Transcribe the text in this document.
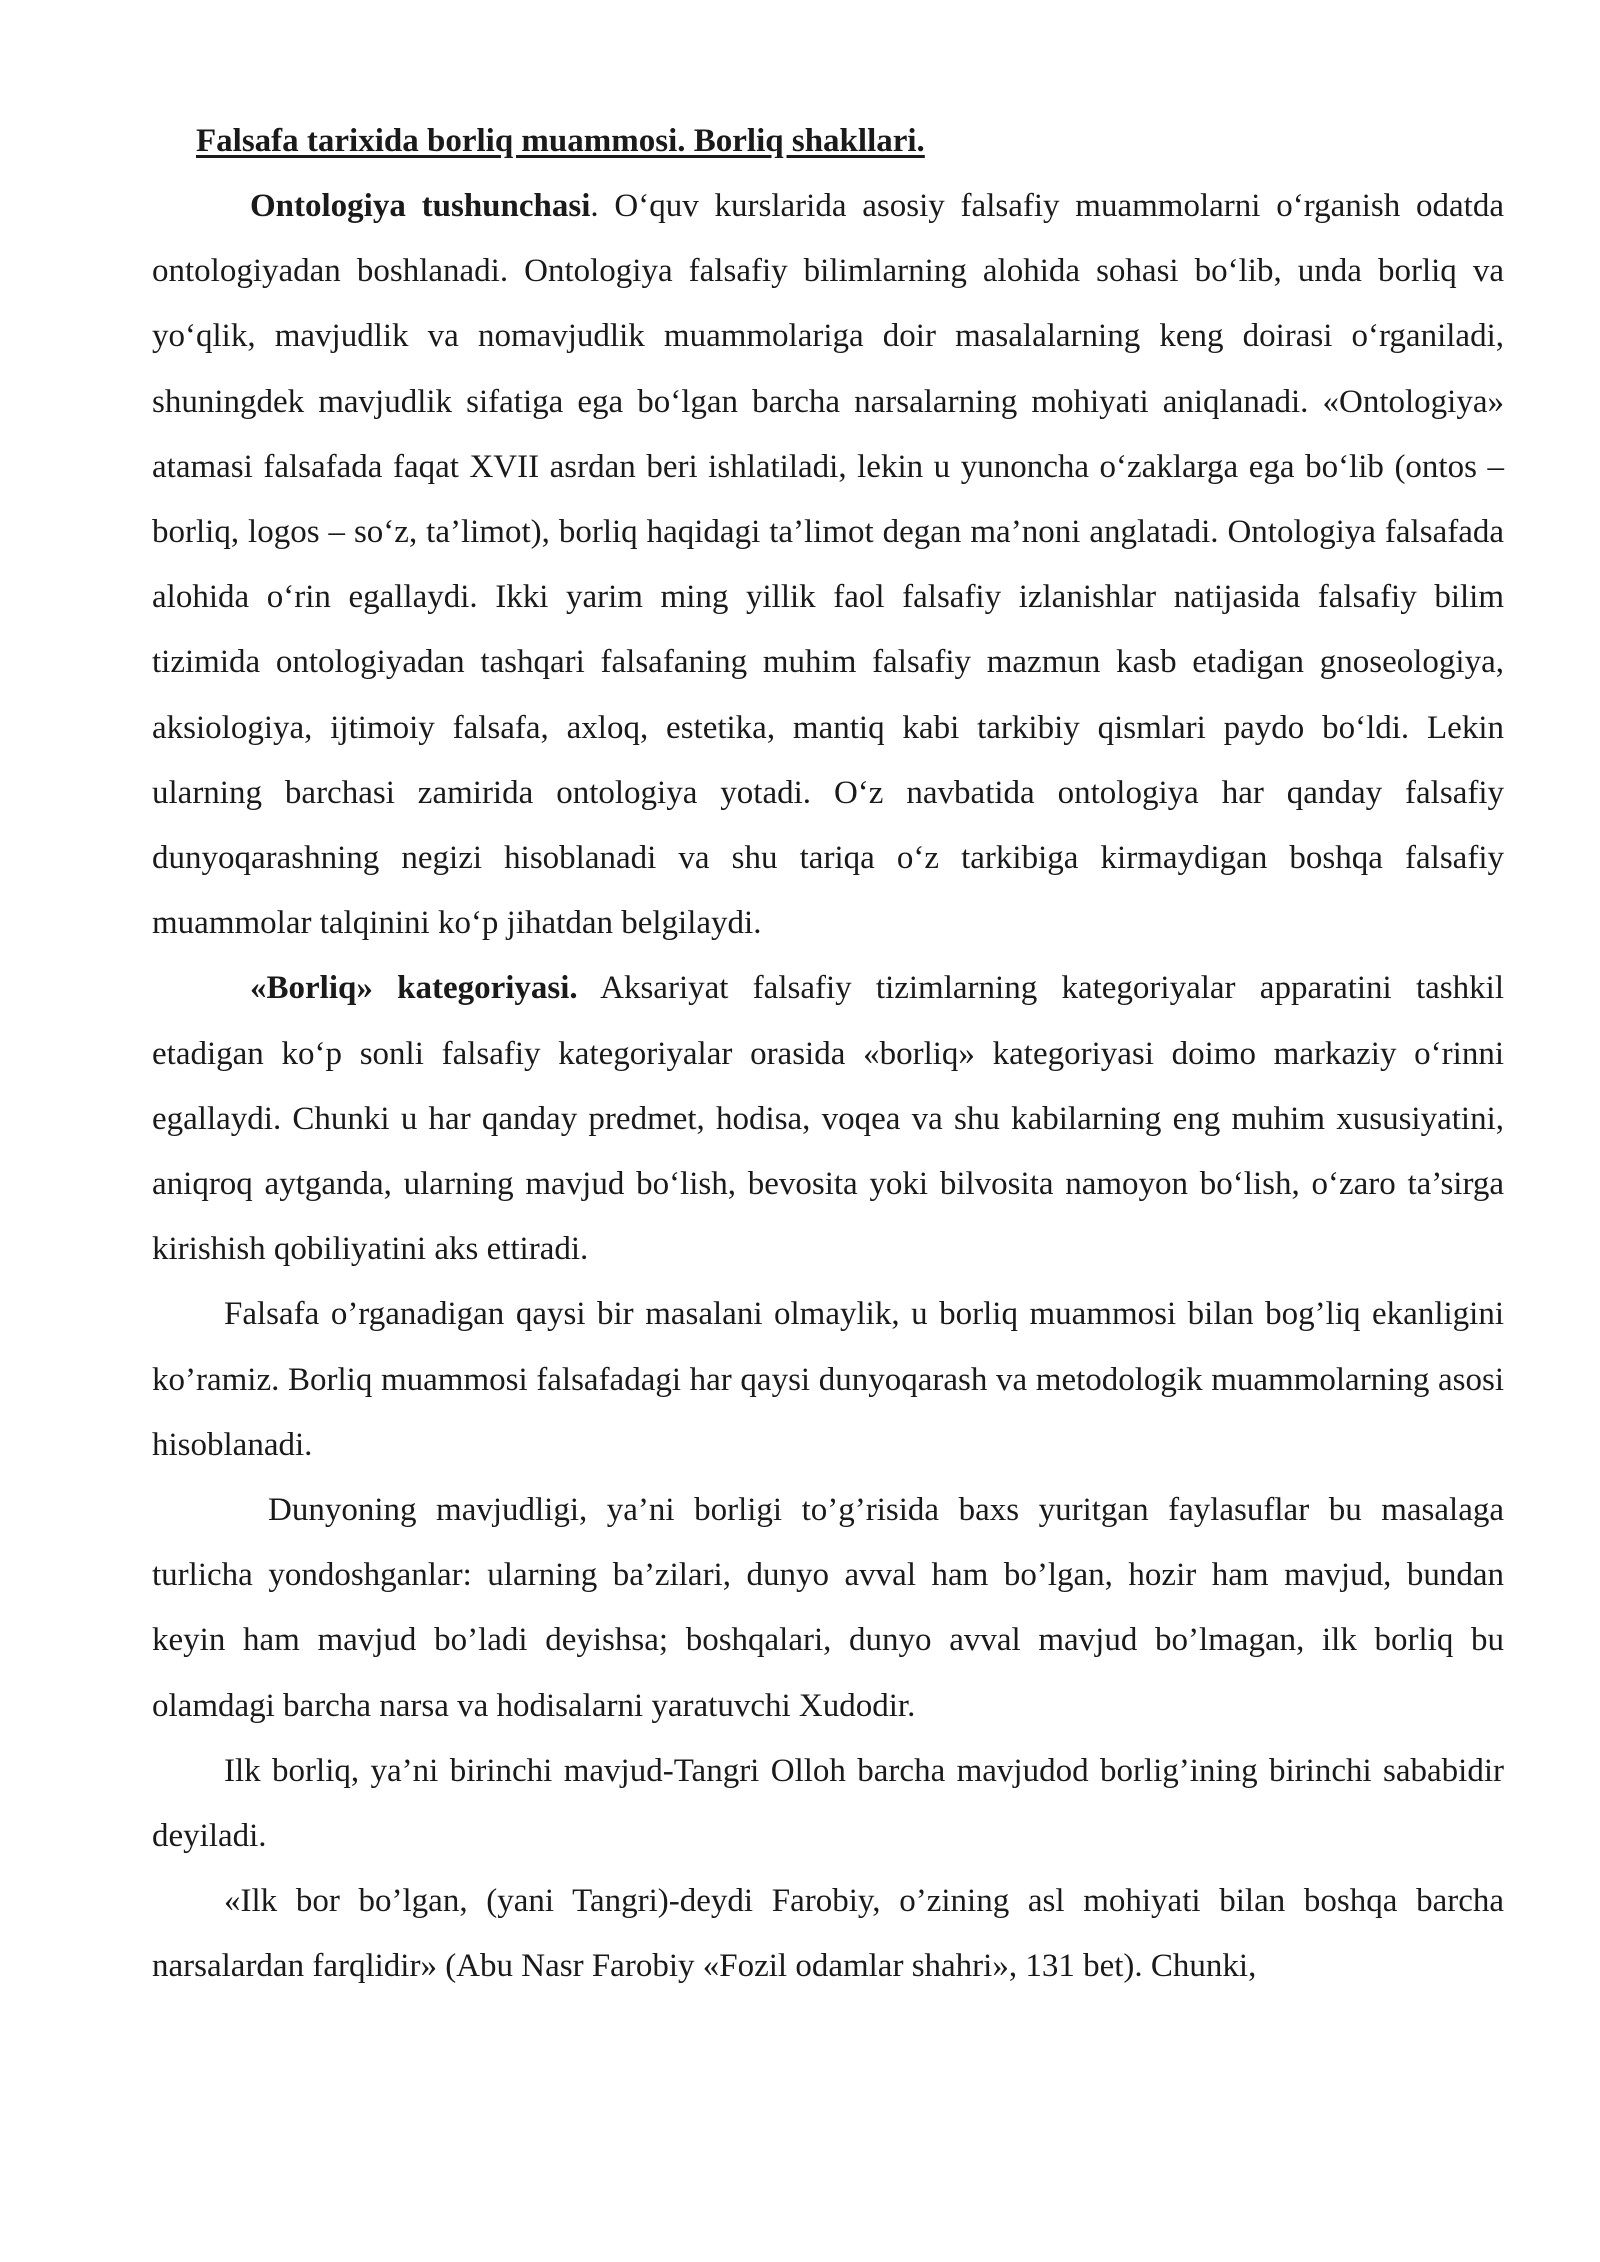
Falsafa tarixida borliq muammosi. Borliq shakllari.

Ontologiya tushunchasi. O‘quv kurslarida asosiy falsafiy muammolarni o‘rganish odatda ontologiyadan boshlanadi. Ontologiya falsafiy bilimlarning alohida sohasi bo‘lib, unda borliq va yo‘qlik, mavjudlik va nomavjudlik muammolariga doir masalalarning keng doirasi o‘rganiladi, shuningdek mavjudlik sifatiga ega bo‘lgan barcha narsalarning mohiyati aniqlanadi. «Ontologiya» atamasi falsafada faqat XVII asrdan beri ishlatiladi, lekin u yunoncha o‘zaklarga ega bo‘lib (ontos – borliq, logos – so‘z, ta’limot), borliq haqidagi ta’limot degan ma’noni anglatadi. Ontologiya falsafada alohida o‘rin egallaydi. Ikki yarim ming yillik faol falsafiy izlanishlar natijasida falsafiy bilim tizimida ontologiyadan tashqari falsafaning muhim falsafiy mazmun kasb etadigan gnoseologiya, aksiologiya, ijtimoiy falsafa, axloq, estetika, mantiq kabi tarkibiy qismlari paydo bo‘ldi. Lekin ularning barchasi zamirida ontologiya yotadi. O‘z navbatida ontologiya har qanday falsafiy dunyoqarashning negizi hisoblanadi va shu tariqa o‘z tarkibiga kirmaydigan boshqa falsafiy muammolar talqinini ko‘p jihatdan belgilaydi.

«Borliq» kategoriyasi. Aksariyat falsafiy tizimlarning kategoriyalar apparatini tashkil etadigan ko‘p sonli falsafiy kategoriyalar orasida «borliq» kategoriyasi doimo markaziy o‘rinni egallaydi. Chunki u har qanday predmet, hodisa, voqea va shu kabilarning eng muhim xususiyatini, aniqroq aytganda, ularning mavjud bo‘lish, bevosita yoki bilvosita namoyon bo‘lish, o‘zaro ta’sirga kirishish qobiliyatini aks ettiradi.

Falsafa o’rganadigan qaysi bir masalani olmaylik, u borliq muammosi bilan bog’liq ekanligini ko’ramiz. Borliq muammosi falsafadagi har qaysi dunyoqarash va metodologik muammolarning asosi hisoblanadi.

Dunyoning mavjudligi, ya’ni borligi to’g’risida baxs yuritgan faylasuflar bu masalaga turlicha yondoshganlar: ularning ba’zilari, dunyo avval ham bo’lgan, hozir ham mavjud, bundan keyin ham mavjud bo’ladi deyishsa; boshqalari, dunyo avval mavjud bo’lmagan, ilk borliq bu olamdagi barcha narsa va hodisalarni yaratuvchi Xudodir.

Ilk borliq, ya’ni birinchi mavjud-Tangri Olloh barcha mavjudod borlig’ining birinchi sababidir deyiladi.

«Ilk bor bo’lgan, (yani Tangri)-deydi Farobiy, o’zining asl mohiyati bilan boshqa barcha narsalardan farqlidir» (Abu Nasr Farobiy «Fozil odamlar shahri», 131 bet). Chunki,
